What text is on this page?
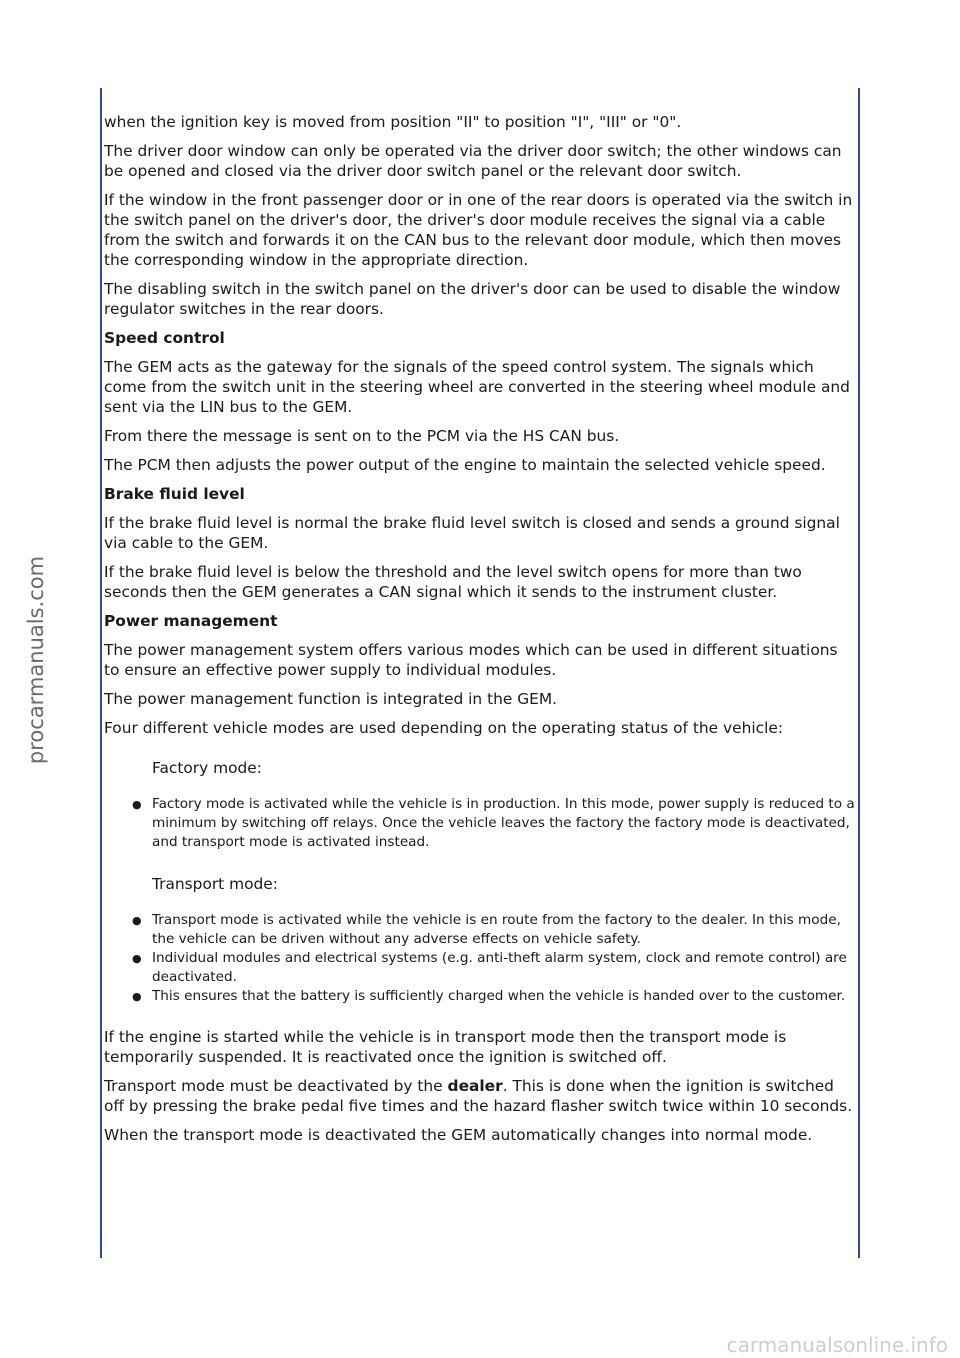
procarmanuals.com
carmanualsonline.info

when the ignition key is moved from position "II" to position "I", "III" or "0".

The driver door window can only be operated via the driver door switch; the other windows can be opened and closed via the driver door switch panel or the relevant door switch.

If the window in the front passenger door or in one of the rear doors is operated via the switch in the switch panel on the driver's door, the driver's door module receives the signal via a cable from the switch and forwards it on the CAN bus to the relevant door module, which then moves the corresponding window in the appropriate direction.

The disabling switch in the switch panel on the driver's door can be used to disable the window regulator switches in the rear doors.

Speed control

The GEM acts as the gateway for the signals of the speed control system. The signals which come from the switch unit in the steering wheel are converted in the steering wheel module and sent via the LIN bus to the GEM.

From there the message is sent on to the PCM via the HS CAN bus.

The PCM then adjusts the power output of the engine to maintain the selected vehicle speed.

Brake fluid level

If the brake fluid level is normal the brake fluid level switch is closed and sends a ground signal via cable to the GEM.

If the brake fluid level is below the threshold and the level switch opens for more than two seconds then the GEM generates a CAN signal which it sends to the instrument cluster.

Power management

The power management system offers various modes which can be used in different situations to ensure an effective power supply to individual modules.

The power management function is integrated in the GEM.

Four different vehicle modes are used depending on the operating status of the vehicle:

Factory mode:

● Factory mode is activated while the vehicle is in production. In this mode, power supply is reduced to a minimum by switching off relays. Once the vehicle leaves the factory the factory mode is deactivated, and transport mode is activated instead.

Transport mode:

● Transport mode is activated while the vehicle is en route from the factory to the dealer. In this mode, the vehicle can be driven without any adverse effects on vehicle safety.
● Individual modules and electrical systems (e.g. anti-theft alarm system, clock and remote control) are deactivated.
● This ensures that the battery is sufficiently charged when the vehicle is handed over to the customer.

If the engine is started while the vehicle is in transport mode then the transport mode is temporarily suspended. It is reactivated once the ignition is switched off.

Transport mode must be deactivated by the dealer. This is done when the ignition is switched off by pressing the brake pedal five times and the hazard flasher switch twice within 10 seconds.

When the transport mode is deactivated the GEM automatically changes into normal mode.
